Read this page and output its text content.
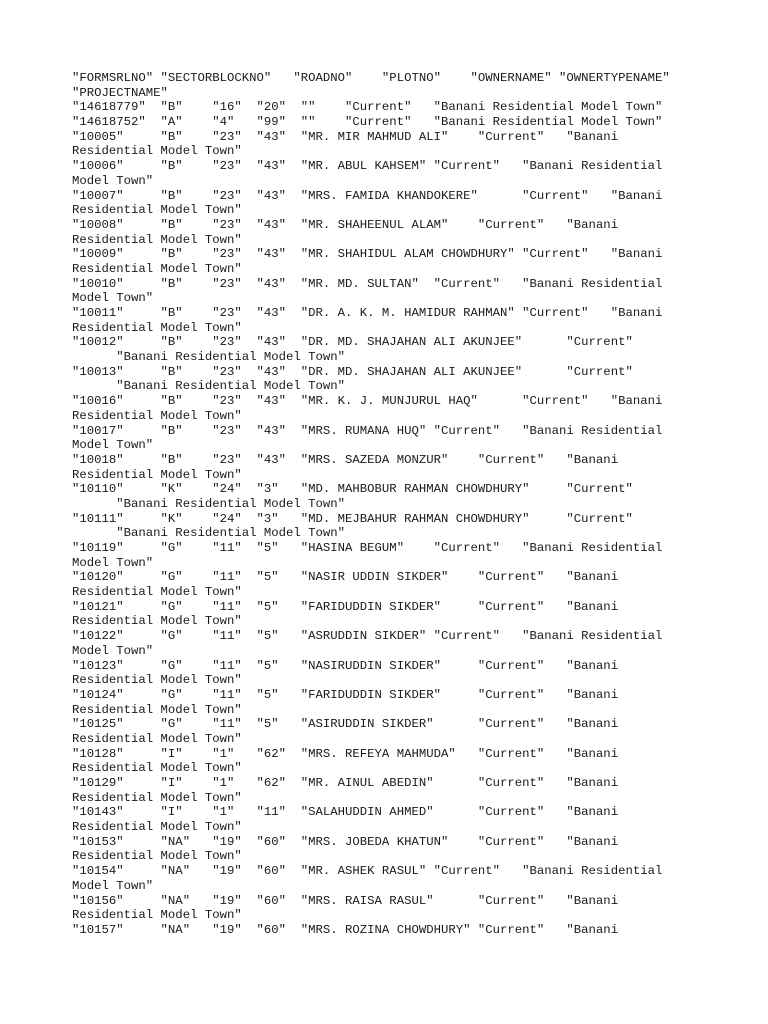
"FORMSRLNO" "SECTORBLOCKNO"   "ROADNO"    "PLOTNO"    "OWNERNAME" "OWNERTYPENAME"
"PROJECTNAME"
"14618779"  "B"    "16"  "20"  ""    "Current"   "Banani Residential Model Town"
"14618752"  "A"    "4"   "99"  ""    "Current"   "Banani Residential Model Town"
"10005"     "B"    "23"  "43"  "MR. MIR MAHMUD ALI"    "Current"   "Banani
Residential Model Town"
"10006"     "B"    "23"  "43"  "MR. ABUL KAHSEM" "Current"   "Banani Residential
Model Town"
"10007"     "B"    "23"  "43"  "MRS. FAMIDA KHANDOKERE"      "Current"   "Banani
Residential Model Town"
"10008"     "B"    "23"  "43"  "MR. SHAHEENUL ALAM"    "Current"   "Banani
Residential Model Town"
"10009"     "B"    "23"  "43"  "MR. SHAHIDUL ALAM CHOWDHURY" "Current"   "Banani
Residential Model Town"
"10010"     "B"    "23"  "43"  "MR. MD. SULTAN"  "Current"   "Banani Residential
Model Town"
"10011"     "B"    "23"  "43"  "DR. A. K. M. HAMIDUR RAHMAN" "Current"   "Banani
Residential Model Town"
"10012"     "B"    "23"  "43"  "DR. MD. SHAJAHAN ALI AKUNJEE"      "Current"
"Banani Residential Model Town"
"10013"     "B"    "23"  "43"  "DR. MD. SHAJAHAN ALI AKUNJEE"      "Current"
"Banani Residential Model Town"
"10016"     "B"    "23"  "43"  "MR. K. J. MUNJURUL HAQ"      "Current"   "Banani
Residential Model Town"
"10017"     "B"    "23"  "43"  "MRS. RUMANA HUQ" "Current"   "Banani Residential
Model Town"
"10018"     "B"    "23"  "43"  "MRS. SAZEDA MONZUR"    "Current"   "Banani
Residential Model Town"
"10110"     "K"    "24"  "3"   "MD. MAHBOBUR RAHMAN CHOWDHURY"     "Current"
"Banani Residential Model Town"
"10111"     "K"    "24"  "3"   "MD. MEJBAHUR RAHMAN CHOWDHURY"     "Current"
"Banani Residential Model Town"
"10119"     "G"    "11"  "5"   "HASINA BEGUM"    "Current"   "Banani Residential
Model Town"
"10120"     "G"    "11"  "5"   "NASIR UDDIN SIKDER"    "Current"   "Banani
Residential Model Town"
"10121"     "G"    "11"  "5"   "FARIDUDDIN SIKDER"     "Current"   "Banani
Residential Model Town"
"10122"     "G"    "11"  "5"   "ASRUDDIN SIKDER" "Current"   "Banani Residential
Model Town"
"10123"     "G"    "11"  "5"   "NASIRUDDIN SIKDER"     "Current"   "Banani
Residential Model Town"
"10124"     "G"    "11"  "5"   "FARIDUDDIN SIKDER"     "Current"   "Banani
Residential Model Town"
"10125"     "G"    "11"  "5"   "ASIRUDDIN SIKDER"      "Current"   "Banani
Residential Model Town"
"10128"     "I"    "1"   "62"  "MRS. REFEYA MAHMUDA"   "Current"   "Banani
Residential Model Town"
"10129"     "I"    "1"   "62"  "MR. AINUL ABEDIN"      "Current"   "Banani
Residential Model Town"
"10143"     "I"    "1"   "11"  "SALAHUDDIN AHMED"      "Current"   "Banani
Residential Model Town"
"10153"     "NA"   "19"  "60"  "MRS. JOBEDA KHATUN"    "Current"   "Banani
Residential Model Town"
"10154"     "NA"   "19"  "60"  "MR. ASHEK RASUL" "Current"   "Banani Residential
Model Town"
"10156"     "NA"   "19"  "60"  "MRS. RAISA RASUL"      "Current"   "Banani
Residential Model Town"
"10157"     "NA"   "19"  "60"  "MRS. ROZINA CHOWDHURY" "Current"   "Banani
